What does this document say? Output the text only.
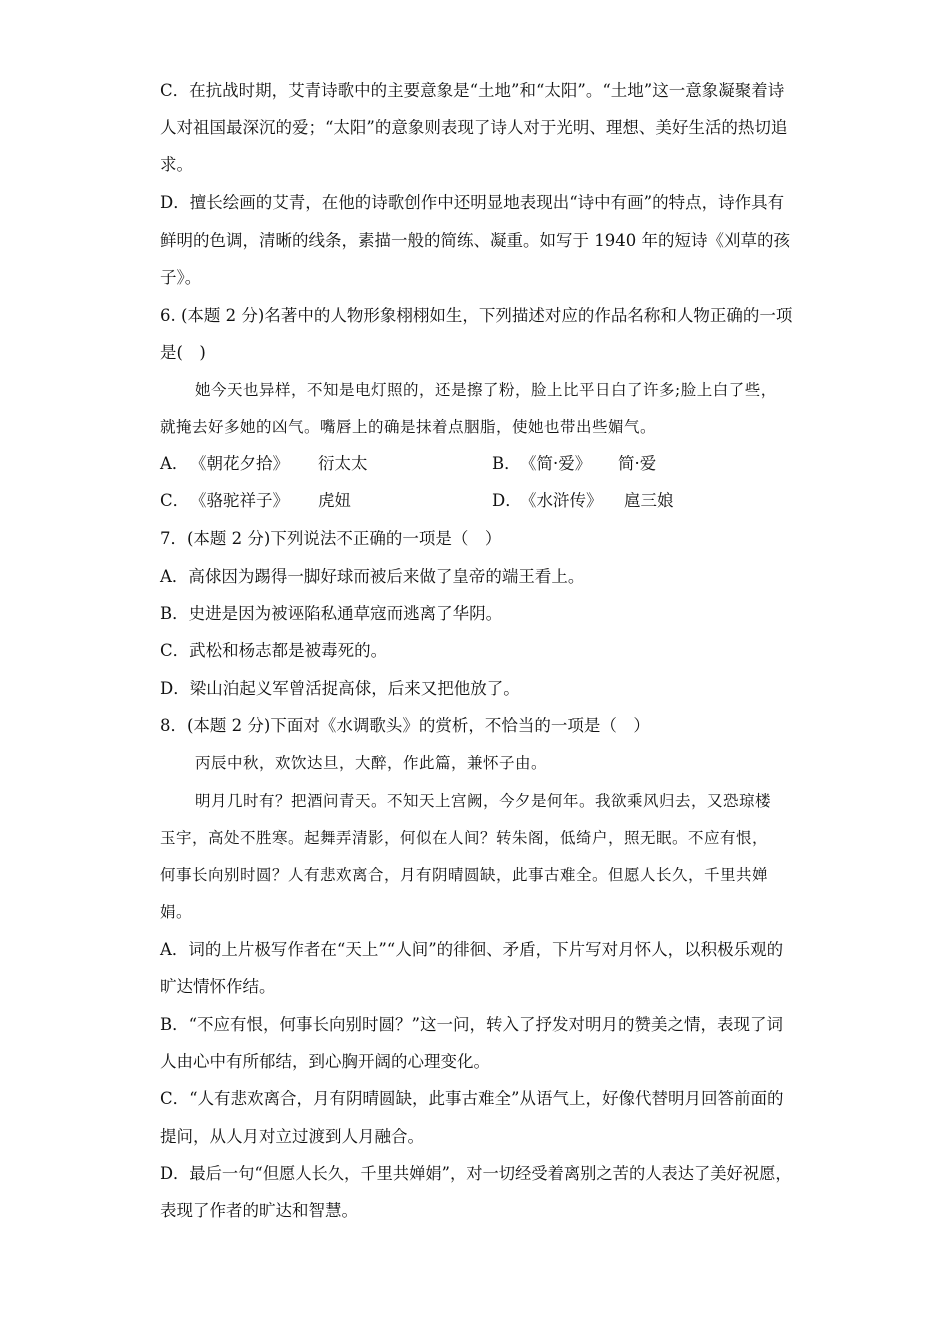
C．在抗战时期，艾青诗歌中的主要意象是“土地”和“太阳”。“土地”这一意象凝聚着诗
人对祖国最深沉的爱；“太阳”的意象则表现了诗人对于光明、理想、美好生活的热切追
求。
D．擅长绘画的艾青，在他的诗歌创作中还明显地表现出“诗中有画”的特点，诗作具有
鲜明的色调，清晰的线条，素描一般的简练、凝重。如写于 1940 年的短诗《刈草的孩
子》。
6. (本题 2 分)名著中的人物形象栩栩如生，下列描述对应的作品名称和人物正确的一项
是(　)
她今天也异样，不知是电灯照的，还是擦了粉，脸上比平日白了许多;脸上白了些，
就掩去好多她的凶气。嘴唇上的确是抹着点胭脂，使她也带出些媚气。
A． 《朝花夕拾》 衍太太	B． 《简·爱》 简·爱
C． 《骆驼祥子》 虎妞	D．
《水浒传》 扈三娘
7．(本题 2 分)下列说法不正确的一项是（　）
A．高俅因为踢得一脚好球而被后来做了皇帝的端王看上。
B．史进是因为被诬陷私通草寇而逃离了华阴。
C．武松和杨志都是被毒死的。
D．梁山泊起义军曾活捉高俅，后来又把他放了。
8．(本题 2 分)下面对《水调歌头》的赏析，不恰当的一项是（　）
丙辰中秋，欢饮达旦，大醉，作此篇，兼怀子由。
明月几时有？把酒问青天。不知天上宫阙，今夕是何年。我欲乘风归去，又恐琼楼
玉宇，高处不胜寒。起舞弄清影，何似在人间？转朱阁，低绮户，照无眠。不应有恨，
何事长向别时圆？人有悲欢离合，月有阴晴圆缺，此事古难全。但愿人长久，千里共婵
娟。
A．词的上片极写作者在“天上”“人间”的徘徊、矛盾，下片写对月怀人，以积极乐观的
旷达情怀作结。
B．“不应有恨，何事长向别时圆？”这一问，转入了抒发对明月的赞美之情，表现了词
人由心中有所郁结，到心胸开阔的心理变化。
C．“人有悲欢离合，月有阴晴圆缺，此事古难全”从语气上，好像代替明月回答前面的
提问，从人月对立过渡到人月融合。
D．最后一句“但愿人长久，千里共婵娟”，对一切经受着离别之苦的人表达了美好祝愿，
表现了作者的旷达和智慧。
